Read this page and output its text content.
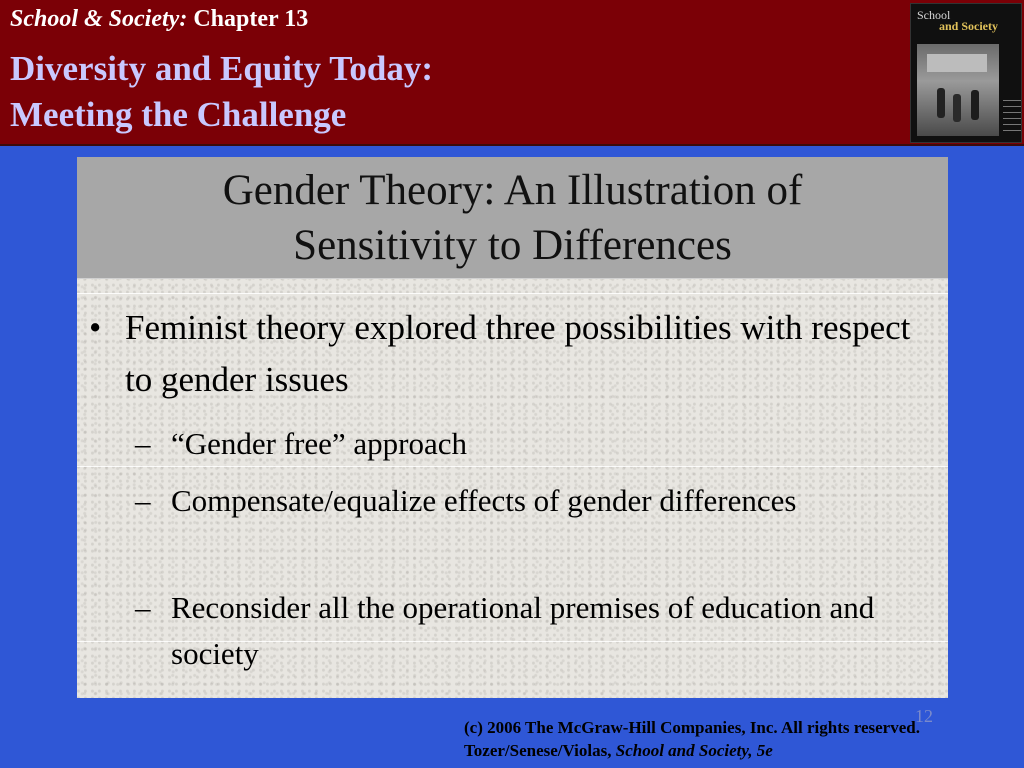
School & Society: Chapter 13
Diversity and Equity Today:
Meeting the Challenge
School
and Society
Gender Theory: An Illustration of
Sensitivity to Differences
• Feminist theory explored three possibilities with respect to gender issues
– “Gender free” approach
– Compensate/equalize effects of gender differences
– Reconsider all the operational premises of education and society
12
(c) 2006 The McGraw-Hill Companies, Inc. All rights reserved.
Tozer/Senese/Violas, School and Society, 5e
